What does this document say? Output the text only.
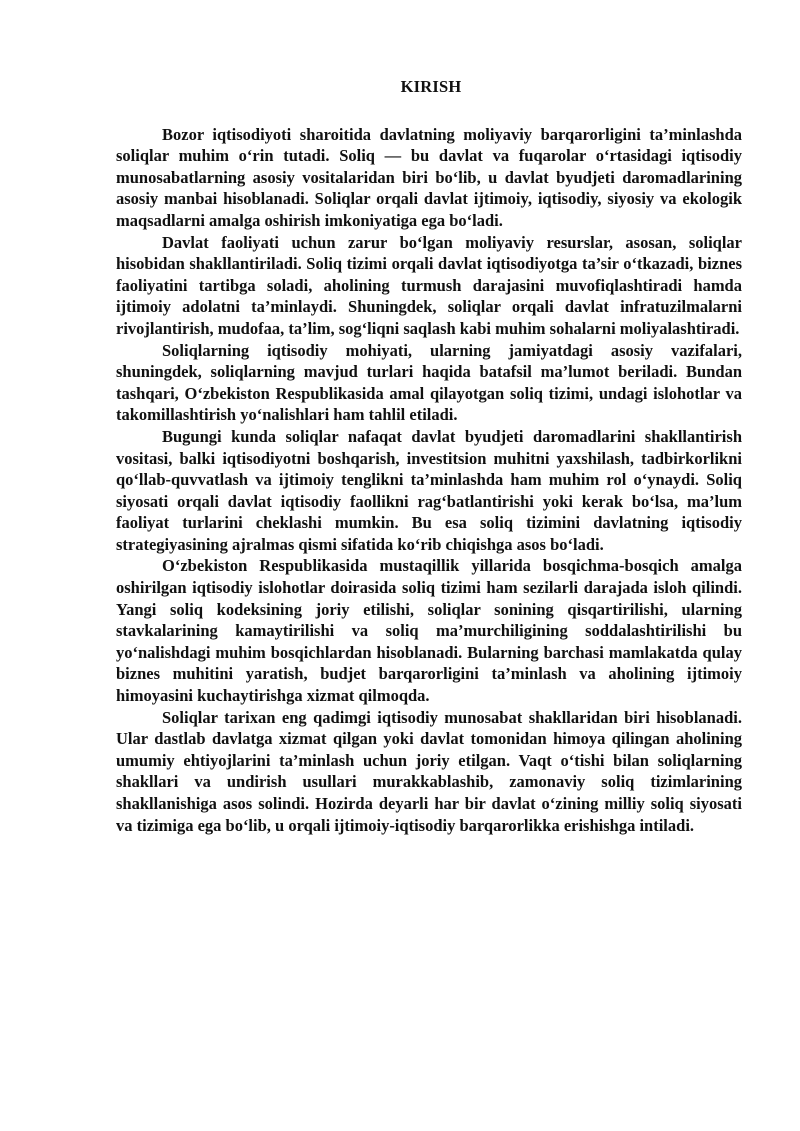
KIRISH

Bozor iqtisodiyoti sharoitida davlatning moliyaviy barqarorligini ta’minlashda soliqlar muhim o‘rin tutadi. Soliq — bu davlat va fuqarolar o‘rtasidagi iqtisodiy munosabatlarning asosiy vositalaridan biri bo‘lib, u davlat byudjeti daromadlarining asosiy manbai hisoblanadi. Soliqlar orqali davlat ijtimoiy, iqtisodiy, siyosiy va ekologik maqsadlarni amalga oshirish imkoniyatiga ega bo‘ladi.

Davlat faoliyati uchun zarur bo‘lgan moliyaviy resurslar, asosan, soliqlar hisobidan shakllantiriladi. Soliq tizimi orqali davlat iqtisodiyotga ta’sir o‘tkazadi, biznes faoliyatini tartibga soladi, aholining turmush darajasini muvofiqlashtiradi hamda ijtimoiy adolatni ta’minlaydi. Shuningdek, soliqlar orqali davlat infratuzilmalarni rivojlantirish, mudofaa, ta’lim, sog‘liqni saqlash kabi muhim sohalarni moliyalashtiradi.

Soliqlarning iqtisodiy mohiyati, ularning jamiyatdagi asosiy vazifalari, shuningdek, soliqlarning mavjud turlari haqida batafsil ma’lumot beriladi. Bundan tashqari, O‘zbekiston Respublikasida amal qilayotgan soliq tizimi, undagi islohotlar va takomillashtirish yo‘nalishlari ham tahlil etiladi.

Bugungi kunda soliqlar nafaqat davlat byudjeti daromadlarini shakllantirish vositasi, balki iqtisodiyotni boshqarish, investitsion muhitni yaxshilash, tadbirkorlikni qo‘llab-quvvatlash va ijtimoiy tenglikni ta’minlashda ham muhim rol o‘ynaydi. Soliq siyosati orqali davlat iqtisodiy faollikni rag‘batlantirishi yoki kerak bo‘lsa, ma’lum faoliyat turlarini cheklashi mumkin. Bu esa soliq tizimini davlatning iqtisodiy strategiyasining ajralmas qismi sifatida ko‘rib chiqishga asos bo‘ladi.

O‘zbekiston Respublikasida mustaqillik yillarida bosqichma-bosqich amalga oshirilgan iqtisodiy islohotlar doirasida soliq tizimi ham sezilarli darajada isloh qilindi. Yangi soliq kodeksining joriy etilishi, soliqlar sonining qisqartirilishi, ularning stavkalarining kamaytirilishi va soliq ma’murchiligining soddalashtirilishi bu yo‘nalishdagi muhim bosqichlardan hisoblanadi. Bularning barchasi mamlakatda qulay biznes muhitini yaratish, budjet barqarorligini ta’minlash va aholining ijtimoiy himoyasini kuchaytirishga xizmat qilmoqda.

Soliqlar tarixan eng qadimgi iqtisodiy munosabat shakllaridan biri hisoblanadi. Ular dastlab davlatga xizmat qilgan yoki davlat tomonidan himoya qilingan aholining umumiy ehtiyojlarini ta’minlash uchun joriy etilgan. Vaqt o‘tishi bilan soliqlarning shakllari va undirish usullari murakkablashib, zamonaviy soliq tizimlarining shakllanishiga asos solindi. Hozirda deyarli har bir davlat o‘zining milliy soliq siyosati va tizimiga ega bo‘lib, u orqali ijtimoiy-iqtisodiy barqarorlikka erishishga intiladi.
